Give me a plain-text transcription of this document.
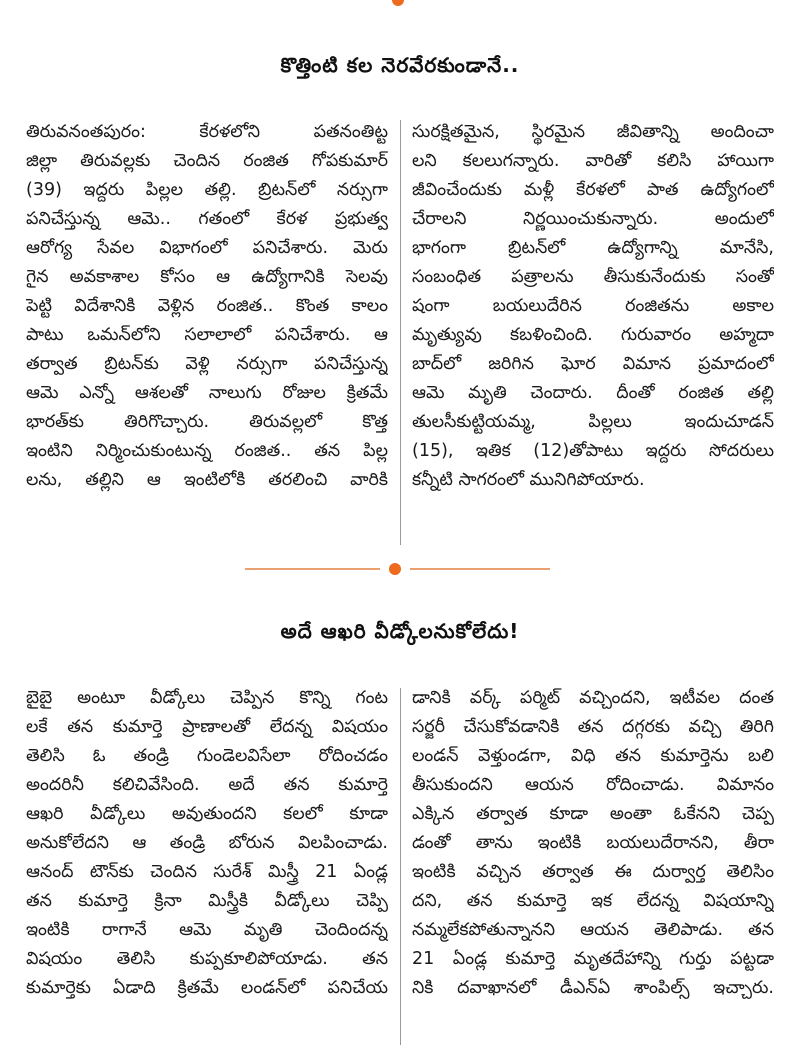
కొత్తింటి కల నెరవేరకుండానే..
తిరువనంతపురం: కేరళలోని పతనంతిట్ట
జిల్లా తిరువల్లకు చెందిన రంజిత గోపకుమార్
(39) ఇద్దరు పిల్లల తల్లి. బ్రిటన్‌లో నర్సుగా
పనిచేస్తున్న ఆమె.. గతంలో కేరళ ప్రభుత్వ
ఆరోగ్య సేవల విభాగంలో పనిచేశారు. మెరు
గైన అవకాశాల కోసం ఆ ఉద్యోగానికి సెలవు
పెట్టి విదేశానికి వెళ్లిన రంజిత.. కొంత కాలం
పాటు ఒమన్‌లోని సలాలాలో పనిచేశారు. ఆ
తర్వాత బ్రిటన్‌కు వెళ్లి నర్సుగా పనిచేస్తున్న
ఆమె ఎన్నో ఆశలతో నాలుగు రోజుల క్రితమే
భారత్‌కు తిరిగొచ్చారు. తిరువల్లలో కొత్త
ఇంటిని నిర్మించుకుంటున్న రంజిత.. తన పిల్ల
లను, తల్లిని ఆ ఇంటిలోకి తరలించి వారికి
సురక్షితమైన, స్థిరమైన జీవితాన్ని అందించా
లని కలలుగన్నారు. వారితో కలిసి హాయిగా
జీవించేందుకు మళ్లీ కేరళలో పాత ఉద్యోగంలో
చేరాలని నిర్ణయించుకున్నారు. అందులో
భాగంగా బ్రిటన్‌లో ఉద్యోగాన్ని మానేసి,
సంబంధిత పత్రాలను తీసుకునేందుకు సంతో
షంగా బయలుదేరిన రంజితను అకాల
మృత్యువు కబళించింది. గురువారం అహ్మదా
బాద్‌లో జరిగిన ఘోర విమాన ప్రమాదంలో
ఆమె మృతి చెందారు. దీంతో రంజిత తల్లి
తులసీకుట్టియమ్మ, పిల్లలు ఇందుచూడన్
(15), ఇతిక (12)తోపాటు ఇద్దరు సోదరులు
కన్నీటి సాగరంలో మునిగిపోయారు.
అదే ఆఖరి వీడ్కోలనుకోలేదు!
బైబై అంటూ వీడ్కోలు చెప్పిన కొన్ని గంట
లకే తన కుమార్తె ప్రాణాలతో లేదన్న విషయం
తెలిసి ఓ తండ్రి గుండెలవిసేలా రోదించడం
అందరినీ కలిచివేసింది. అదే తన కుమార్తె
ఆఖరి వీడ్కోలు అవుతుందని కలలో కూడా
అనుకోలేదని ఆ తండ్రి బోరున విలపించాడు.
ఆనంద్ టౌన్‌కు చెందిన సురేశ్ మిస్త్రీ 21 ఏండ్ల
తన కుమార్తె క్రినా మిస్త్రీకి వీడ్కోలు చెప్పి
ఇంటికి రాగానే ఆమె మృతి చెందిందన్న
విషయం తెలిసి కుప్పకూలిపోయాడు. తన
కుమార్తెకు ఏడాది క్రితమే లండన్‌లో పనిచేయ
డానికి వర్క్ పర్మిట్ వచ్చిందని, ఇటీవల దంత
సర్జరీ చేసుకోవడానికి తన దగ్గరకు వచ్చి తిరిగి
లండన్ వెళ్తుండగా, విధి తన కుమార్తెను బలి
తీసుకుందని ఆయన రోదించాడు. విమానం
ఎక్కిన తర్వాత కూడా అంతా ఓకేనని చెప్ప
డంతో తాను ఇంటికి బయలుదేరానని, తీరా
ఇంటికి వచ్చిన తర్వాత ఈ దుర్వార్త తెలిసిం
దని, తన కుమార్తె ఇక లేదన్న విషయాన్ని
నమ్మలేకపోతున్నానని ఆయన తెలిపాడు. తన
21 ఏండ్ల కుమార్తె మృతదేహాన్ని గుర్తు పట్టడా
నికి దవాఖానలో డీఎన్‌ఏ శాంపిల్స్ ఇచ్చారు.
